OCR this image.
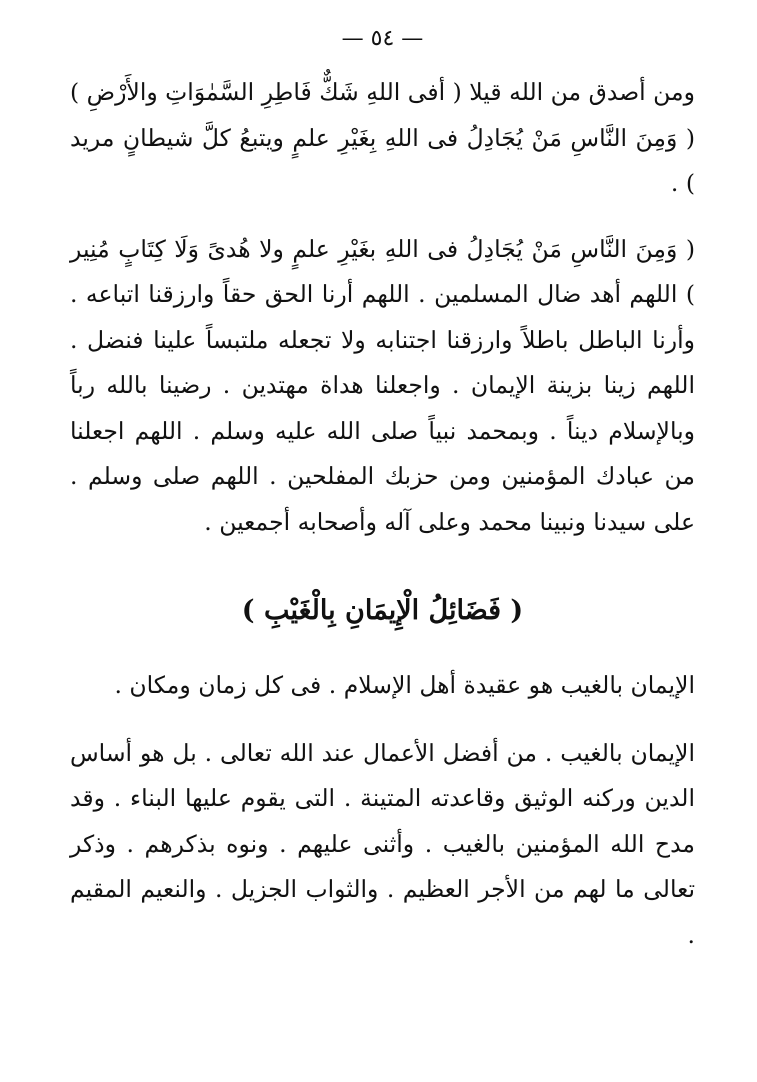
— ٥٤ —

ومن أصدق من الله قيلا ( أفى اللهِ شَكٌّ فَاطِرِ السَّمٰوَاتِ والأَرْضِ ) ( وَمِنَ النَّاسِ مَنْ يُجَادِلُ فى اللهِ بِغَيْرِ علمٍ ويتبعُ كلَّ شيطانٍ مريد ) .

( وَمِنَ النَّاسِ مَنْ يُجَادِلُ فى اللهِ بغَيْرِ علمٍ ولا هُدىً وَلَا كِتَابٍ مُنِير ) اللهم أهد ضال المسلمين . اللهم أرنا الحق حقاً وارزقنا اتباعه . وأرنا الباطل باطلاً وارزقنا اجتنابه ولا تجعله ملتبساً علينا فنضل . اللهم زينا بزينة الإيمان . واجعلنا هداة مهتدين . رضينا بالله رباً وبالإسلام ديناً . وبمحمد نبياً صلى الله عليه وسلم . اللهم اجعلنا من عبادك المؤمنين ومن حزبك المفلحين . اللهم صلى وسلم . على سيدنا ونبينا محمد وعلى آله وأصحابه أجمعين .

( فَضَائِلُ الْإِيمَانِ بِالْغَيْبِ )

الإيمان بالغيب هو عقيدة أهل الإسلام . فى كل زمان ومكان .

الإيمان بالغيب . من أفضل الأعمال عند الله تعالى . بل هو أساس الدين وركنه الوثيق وقاعدته المتينة . التى يقوم عليها البناء . وقد مدح الله المؤمنين بالغيب . وأثنى عليهم . ونوه بذكرهم . وذكر تعالى ما لهم من الأجر العظيم . والثواب الجزيل . والنعيم المقيم .
